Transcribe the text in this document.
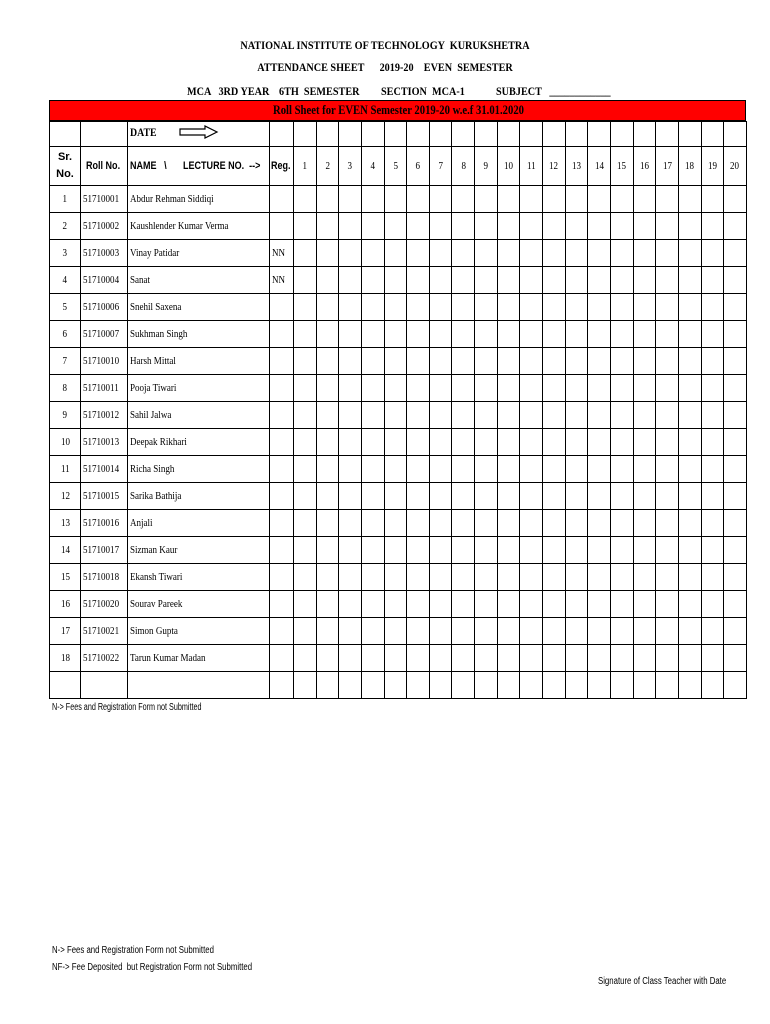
NATIONAL INSTITUTE OF TECHNOLOGY  KURUKSHETRA
ATTENDANCE SHEET      2019-20    EVEN  SEMESTER
MCA   3RD YEAR 6TH  SEMESTER SECTION  MCA-1	SUBJECT   ____________
Roll Sheet for EVEN Semester 2019-20 w.e.f 31.01.2020
		DATE																					
Sr.
No.	Roll No.	NAME   \ LECTURE NO.  -->	Reg.	1	2	3	4	5	6	7	8	9	10	11	12	13	14	15	16	17	18	19	20
1	51710001	Abdur Rehman Siddiqi																					
2	51710002	Kaushlender Kumar Verma																					
3	51710003	Vinay Patidar	NN																				
4	51710004	Sanat	NN																				
5	51710006	Snehil Saxena																					
6	51710007	Sukhman Singh																					
7	51710010	Harsh Mittal																					
8	51710011	Pooja Tiwari																					
9	51710012	Sahil Jalwa																					
10	51710013	Deepak Rikhari																					
11	51710014	Richa Singh																					
12	51710015	Sarika Bathija																					
13	51710016	Anjali																					
14	51710017	Sizman Kaur																					
15	51710018	Ekansh Tiwari																					
16	51710020	Sourav Pareek																					
17	51710021	Simon Gupta																					
18	51710022	Tarun Kumar Madan																					

N-> Fees and Registration Form not Submitted
N-> Fees and Registration Form not Submitted
NF-> Fee Deposited  but Registration Form not Submitted
Signature of Class Teacher with Date
